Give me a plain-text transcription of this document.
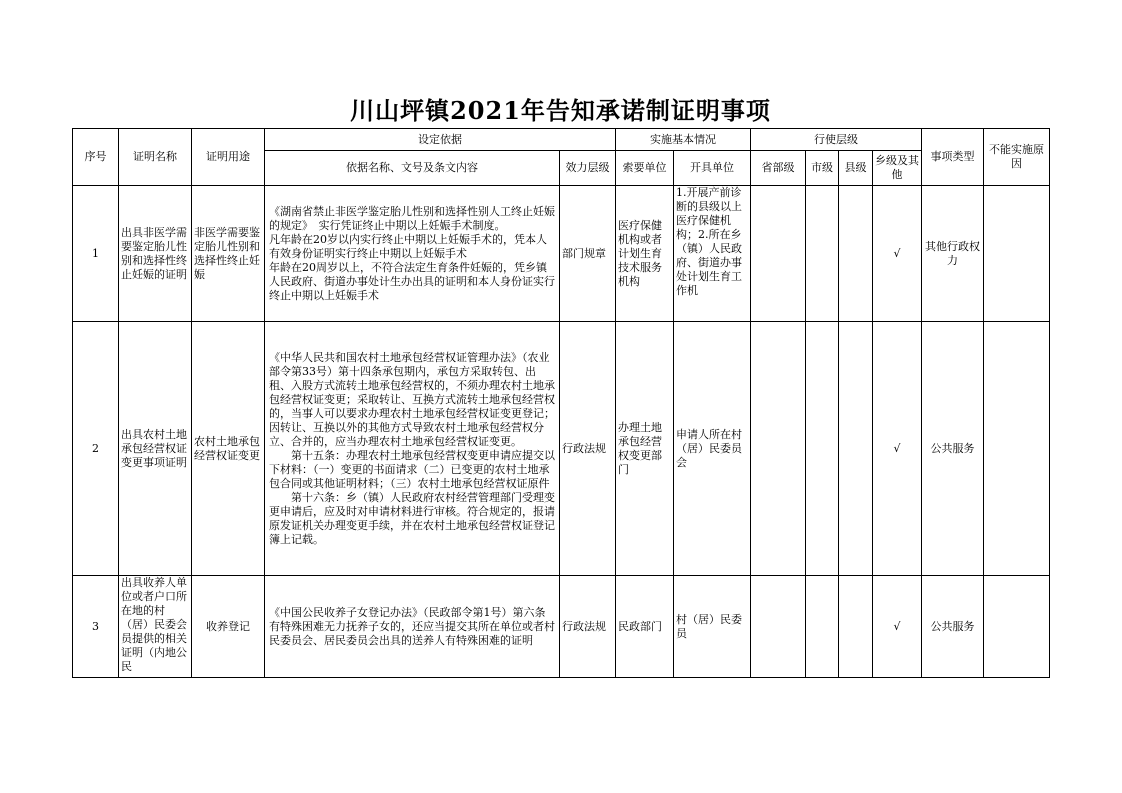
川山坪镇2021年告知承诺制证明事项
序号	证明名称	证明用途	设定依据		实施基本情况		行使层级				事项类型	不能实施原因
			依据名称、文号及条文内容	效力层级	索要单位	开具单位	省部级	市级	县级	乡级及其他		
1	出具非医学需要鉴定胎儿性别和选择性终止妊娠的证明	非医学需要鉴定胎儿性别和选择性终止妊娠	《湖南省禁止非医学鉴定胎儿性别和选择性别人工终止妊娠的规定》　实行凭证终止中期以上妊娠手术制度。
凡年龄在20岁以内实行终止中期以上妊娠手术的，凭本人有效身份证明实行终止中期以上妊娠手术
年龄在20周岁以上，不符合法定生育条件妊娠的，凭乡镇人民政府、街道办事处计生办出具的证明和本人身份证实行终止中期以上妊娠手术	部门规章	医疗保健机构或者计划生育技术服务机构	1.开展产前诊断的县级以上医疗保健机构；2.所在乡（镇）人民政府、街道办事处计划生育工作机				√	其他行政权力	
2	出具农村土地承包经营权证变更事项证明	农村土地承包经营权证变更	《中华人民共和国农村土地承包经营权证管理办法》（农业部令第33号）第十四条承包期内，承包方采取转包、出租、入股方式流转土地承包经营权的，不须办理农村土地承包经营权证变更；采取转让、互换方式流转土地承包经营权的，当事人可以要求办理农村土地承包经营权证变更登记；因转让、互换以外的其他方式导致农村土地承包经营权分立、合并的，应当办理农村土地承包经营权证变更。
第十五条：办理农村土地承包经营权变更申请应提交以下材料：（一）变更的书面请求（二）已变更的农村土地承包合同或其他证明材料；（三）农村土地承包经营权证原件
第十六条：乡（镇）人民政府农村经营管理部门受理变更申请后，应及时对申请材料进行审核。符合规定的，报请原发证机关办理变更手续，并在农村土地承包经营权证登记簿上记载。	行政法规	办理土地承包经营权变更部门	申请人所在村（居）民委员会				√	公共服务	
3	出具收养人单位或者户口所在地的村（居）民委会员提供的相关证明（内地公民	收养登记	《中国公民收养子女登记办法》（民政部令第1号）第六条
有特殊困难无力抚养子女的，还应当提交其所在单位或者村民委员会、居民委员会出具的送养人有特殊困难的证明	行政法规	民政部门	村（居）民委员				√	公共服务	
